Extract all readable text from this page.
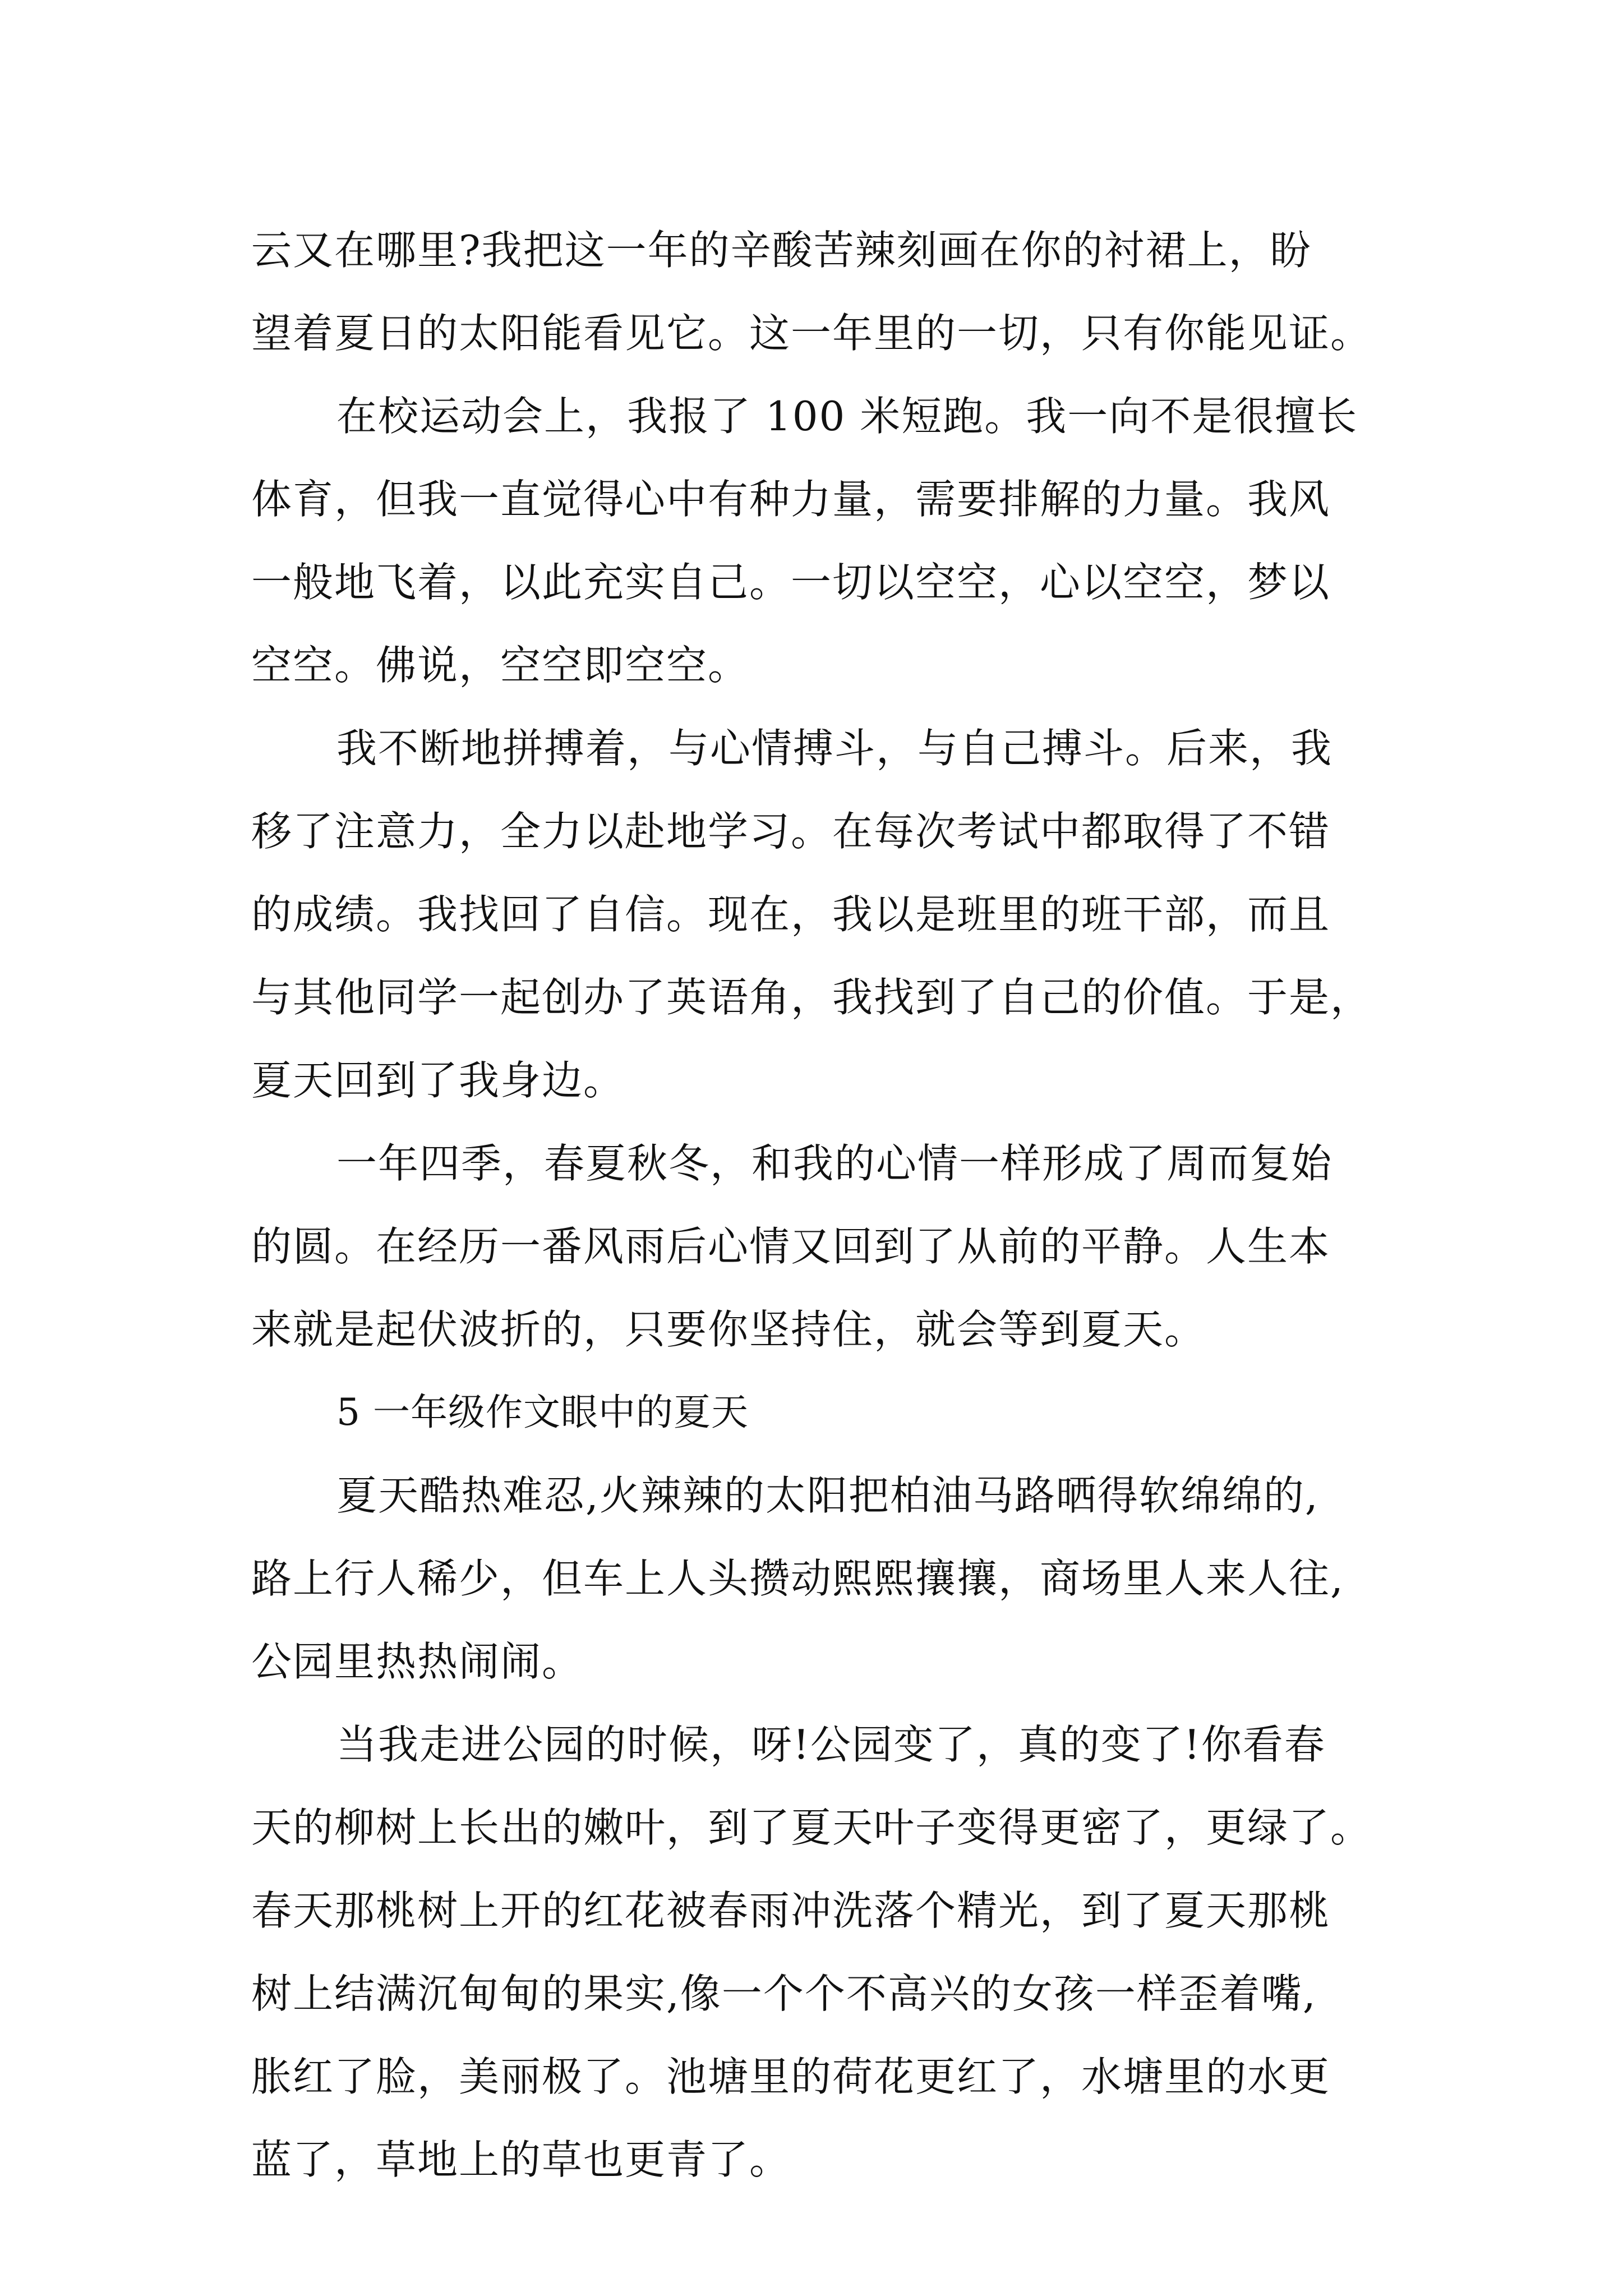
云又在哪里?我把这一年的辛酸苦辣刻画在你的衬裙上，盼
望着夏日的太阳能看见它。这一年里的一切，只有你能见证。
在校运动会上，我报了 100 米短跑。我一向不是很擅长
体育，但我一直觉得心中有种力量，需要排解的力量。我风
一般地飞着，以此充实自己。一切以空空，心以空空，梦以
空空。佛说，空空即空空。
我不断地拼搏着，与心情搏斗，与自己搏斗。后来，我
移了注意力，全力以赴地学习。在每次考试中都取得了不错
的成绩。我找回了自信。现在，我以是班里的班干部，而且
与其他同学一起创办了英语角，我找到了自己的价值。于是，
夏天回到了我身边。
一年四季，春夏秋冬，和我的心情一样形成了周而复始
的圆。在经历一番风雨后心情又回到了从前的平静。人生本
来就是起伏波折的，只要你坚持住，就会等到夏天。
5 一年级作文眼中的夏天
夏天酷热难忍,火辣辣的太阳把柏油马路晒得软绵绵的,
路上行人稀少，但车上人头攒动熙熙攘攘，商场里人来人往,
公园里热热闹闹。
当我走进公园的时候，呀!公园变了，真的变了!你看春
天的柳树上长出的嫩叶，到了夏天叶子变得更密了，更绿了。
春天那桃树上开的红花被春雨冲洗落个精光，到了夏天那桃
树上结满沉甸甸的果实,像一个个不高兴的女孩一样歪着嘴,
胀红了脸，美丽极了。池塘里的荷花更红了，水塘里的水更
蓝了，草地上的草也更青了。
